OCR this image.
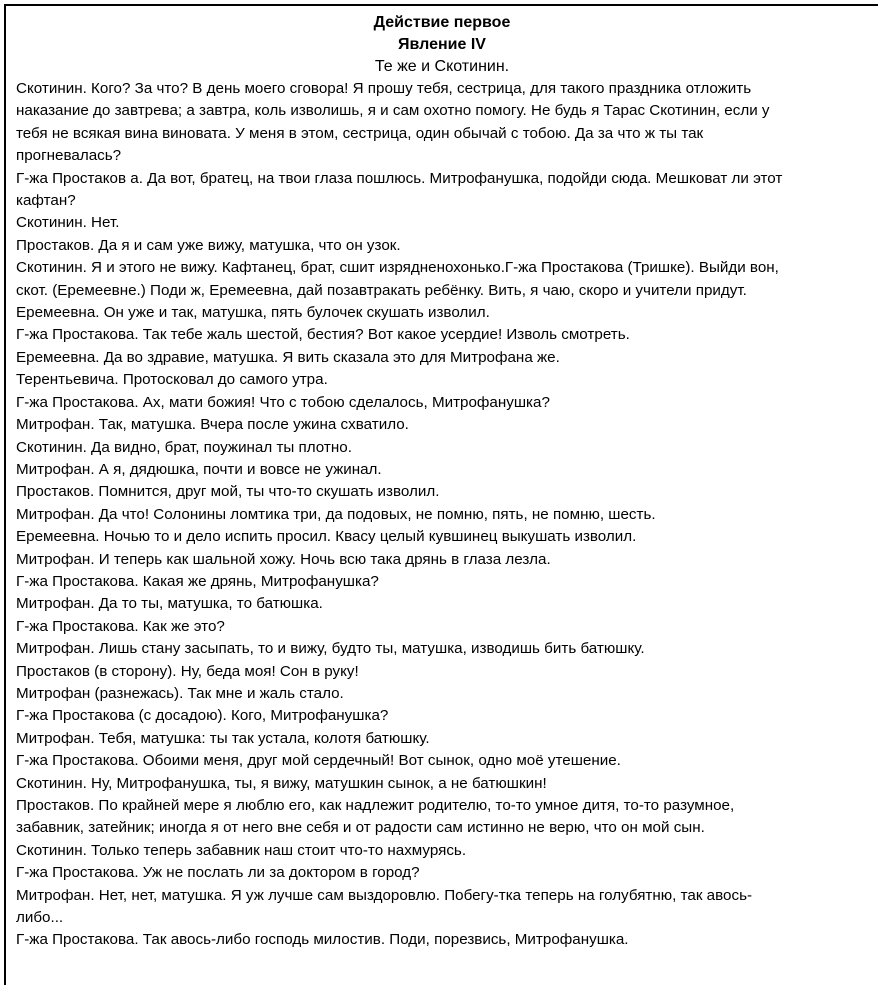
Действие первое

Явление IV

Те же и Скотинин.

Скотинин. Кого? За что? В день моего сговора! Я прошу тебя, сестрица, для такого праздника отложить
наказание до завтрева; а завтра, коль изволишь, я и сам охотно помогу. Не будь я Тарас Скотинин, если у
тебя не всякая вина виновата. У меня в этом, сестрица, один обычай с тобою. Да за что ж ты так
прогневалась?
Г-жа Простаков а. Да вот, братец, на твои глаза пошлюсь. Митрофанушка, подойди сюда. Мешковат ли этот
кафтан?
Скотинин. Нет.
Простаков. Да я и сам уже вижу, матушка, что он узок.
Скотинин. Я и этого не вижу. Кафтанец, брат, сшит изрядненохонько.Г-жа Простакова (Тришке). Выйди вон,
скот. (Еремеевне.) Поди ж, Еремеевна, дай позавтракать ребёнку. Вить, я чаю, скоро и учители придут.
Еремеевна. Он уже и так, матушка, пять булочек скушать изволил.
Г-жа Простакова. Так тебе жаль шестой, бестия? Вот какое усердие! Изволь смотреть.
Еремеевна. Да во здравие, матушка. Я вить сказала это для Митрофана же.
Терентьевича. Протосковал до самого утра.
Г-жа Простакова. Ах, мати божия! Что с тобою сделалось, Митрофанушка?
Митрофан. Так, матушка. Вчера после ужина схватило.
Скотинин. Да видно, брат, поужинал ты плотно.
Митрофан. А я, дядюшка, почти и вовсе не ужинал.
Простаков. Помнится, друг мой, ты что-то скушать изволил.
Митрофан. Да что! Солонины ломтика три, да подовых, не помню, пять, не помню, шесть.
Еремеевна. Ночью то и дело испить просил. Квасу целый кувшинец выкушать изволил.
Митрофан. И теперь как шальной хожу. Ночь всю така дрянь в глаза лезла.
Г-жа Простакова. Какая же дрянь, Митрофанушка?
Митрофан. Да то ты, матушка, то батюшка.
Г-жа Простакова. Как же это?
Митрофан. Лишь стану засыпать, то и вижу, будто ты, матушка, изводишь бить батюшку.
Простаков (в сторону). Ну, беда моя! Сон в руку!
Митрофан (разнежась). Так мне и жаль стало.
Г-жа Простакова (с досадою). Кого, Митрофанушка?
Митрофан. Тебя, матушка: ты так устала, колотя батюшку.
Г-жа Простакова. Обоими меня, друг мой сердечный! Вот сынок, одно моё утешение.
Скотинин. Ну, Митрофанушка, ты, я вижу, матушкин сынок, а не батюшкин!
Простаков. По крайней мере я люблю его, как надлежит родителю, то-то умное дитя, то-то разумное,
забавник, затейник; иногда я от него вне себя и от радости сам истинно не верю, что он мой сын.
Скотинин. Только теперь забавник наш стоит что-то нахмурясь.
Г-жа Простакова. Уж не послать ли за доктором в город?
Митрофан. Нет, нет, матушка. Я уж лучше сам выздоровлю. Побегу-тка теперь на голубятню, так авось-
либо...
Г-жа Простакова. Так авось-либо господь милостив. Поди, порезвись, Митрофанушка.
